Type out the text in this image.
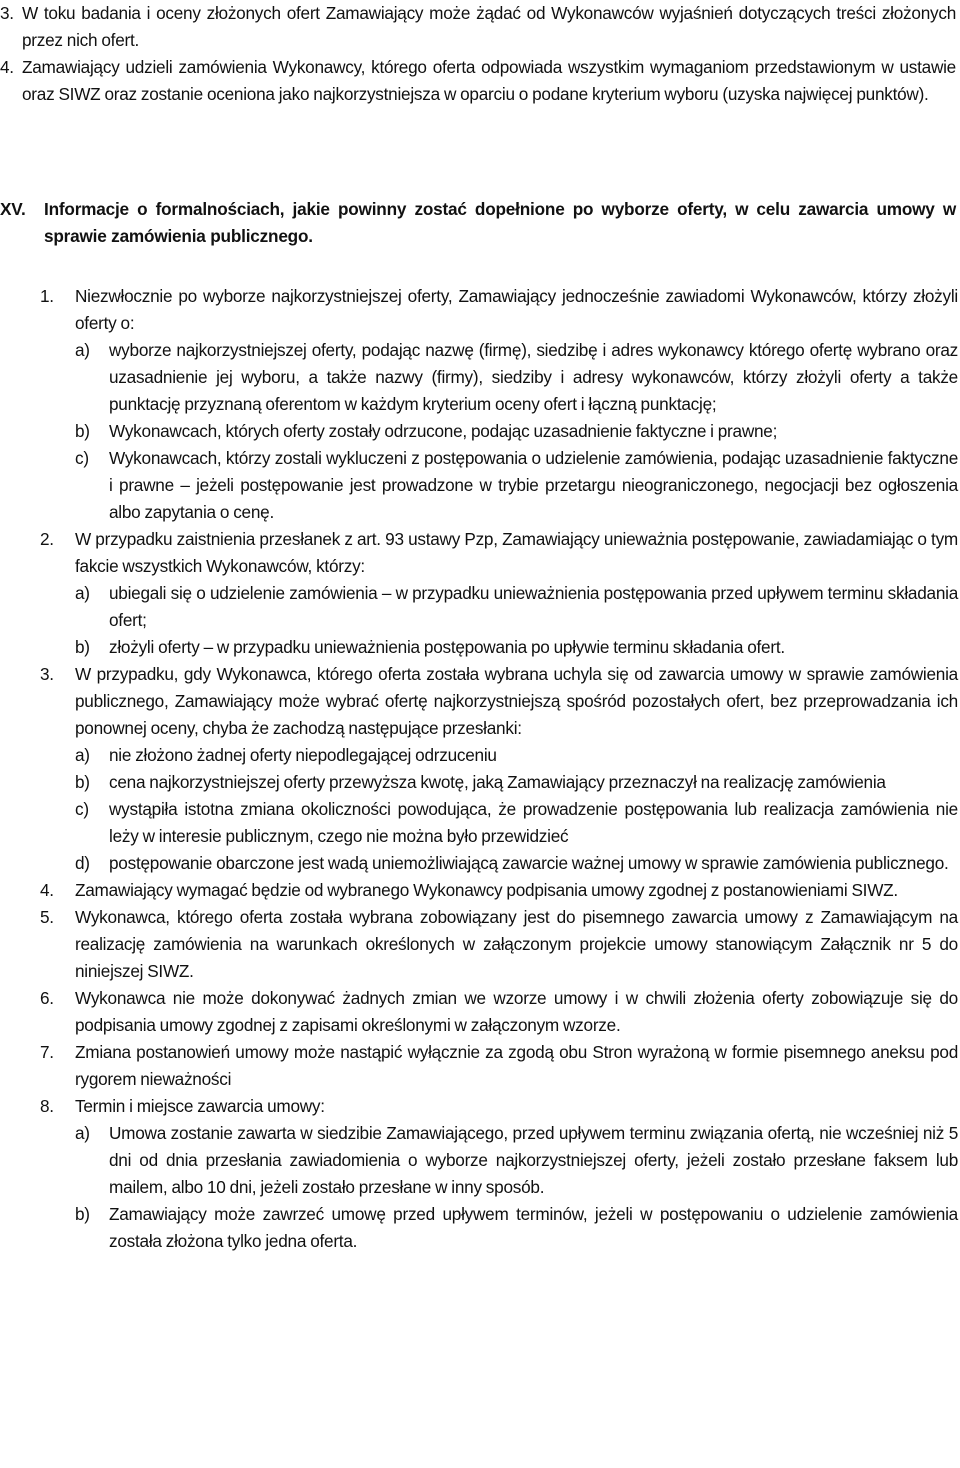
3. W toku badania i oceny złożonych ofert Zamawiający może żądać od Wykonawców wyjaśnień dotyczących treści złożonych przez nich ofert.
4. Zamawiający udzieli zamówienia Wykonawcy, którego oferta odpowiada wszystkim wymaganiom przedstawionym w ustawie oraz SIWZ oraz zostanie oceniona jako najkorzystniejsza w oparciu o podane kryterium wyboru (uzyska najwięcej punktów).
XV. Informacje o formalnościach, jakie powinny zostać dopełnione po wyborze oferty, w celu zawarcia umowy w sprawie zamówienia publicznego.
1. Niezwłocznie po wyborze najkorzystniejszej oferty, Zamawiający jednocześnie zawiadomi Wykonawców, którzy złożyli oferty o:
a) wyborze najkorzystniejszej oferty, podając nazwę (firmę), siedzibę i adres wykonawcy którego ofertę wybrano oraz uzasadnienie jej wyboru, a także nazwy (firmy), siedziby i adresy wykonawców, którzy złożyli oferty a także punktację przyznaną oferentom w każdym kryterium oceny ofert i łączną punktację;
b) Wykonawcach, których oferty zostały odrzucone, podając uzasadnienie faktyczne i prawne;
c) Wykonawcach, którzy zostali wykluczeni z postępowania o udzielenie zamówienia, podając uzasadnienie faktyczne i prawne – jeżeli postępowanie jest prowadzone w trybie przetargu nieograniczonego, negocjacji bez ogłoszenia albo zapytania o cenę.
2. W przypadku zaistnienia przesłanek z art. 93 ustawy Pzp, Zamawiający unieważnia postępowanie, zawiadamiając o tym fakcie wszystkich Wykonawców, którzy:
a) ubiegali się o udzielenie zamówienia – w przypadku unieważnienia postępowania przed upływem terminu składania ofert;
b) złożyli oferty – w przypadku unieważnienia postępowania po upływie terminu składania ofert.
3. W przypadku, gdy Wykonawca, którego oferta została wybrana uchyla się od zawarcia umowy w sprawie zamówienia publicznego, Zamawiający może wybrać ofertę najkorzystniejszą spośród pozostałych ofert, bez przeprowadzania ich ponownej oceny, chyba że zachodzą następujące przesłanki:
a) nie złożono żadnej oferty niepodlegającej odrzuceniu
b) cena najkorzystniejszej oferty przewyższa kwotę, jaką Zamawiający przeznaczył na realizację zamówienia
c) wystąpiła istotna zmiana okoliczności powodująca, że prowadzenie postępowania lub realizacja zamówienia nie leży w interesie publicznym, czego nie można było przewidzieć
d) postępowanie obarczone jest wadą uniemożliwiającą zawarcie ważnej umowy w sprawie zamówienia publicznego.
4. Zamawiający wymagać będzie od wybranego Wykonawcy podpisania umowy zgodnej z postanowieniami SIWZ.
5. Wykonawca, którego oferta została wybrana zobowiązany jest do pisemnego zawarcia umowy z Zamawiającym na realizację zamówienia na warunkach określonych w załączonym projekcie umowy stanowiącym Załącznik nr 5 do niniejszej SIWZ.
6. Wykonawca nie może dokonywać żadnych zmian we wzorze umowy i w chwili złożenia oferty zobowiązuje się do podpisania umowy zgodnej z zapisami określonymi w załączonym wzorze.
7. Zmiana postanowień umowy może nastąpić wyłącznie za zgodą obu Stron wyrażoną w formie pisemnego aneksu pod rygorem nieważności
8. Termin i miejsce zawarcia umowy:
a) Umowa zostanie zawarta w siedzibie Zamawiającego, przed upływem terminu związania ofertą, nie wcześniej niż 5 dni od dnia przesłania zawiadomienia o wyborze najkorzystniejszej oferty, jeżeli zostało przesłane faksem lub mailem, albo 10 dni, jeżeli zostało przesłane w inny sposób.
b) Zamawiający może zawrzeć umowę przed upływem terminów, jeżeli w postępowaniu o udzielenie zamówienia została złożona tylko jedna oferta.
